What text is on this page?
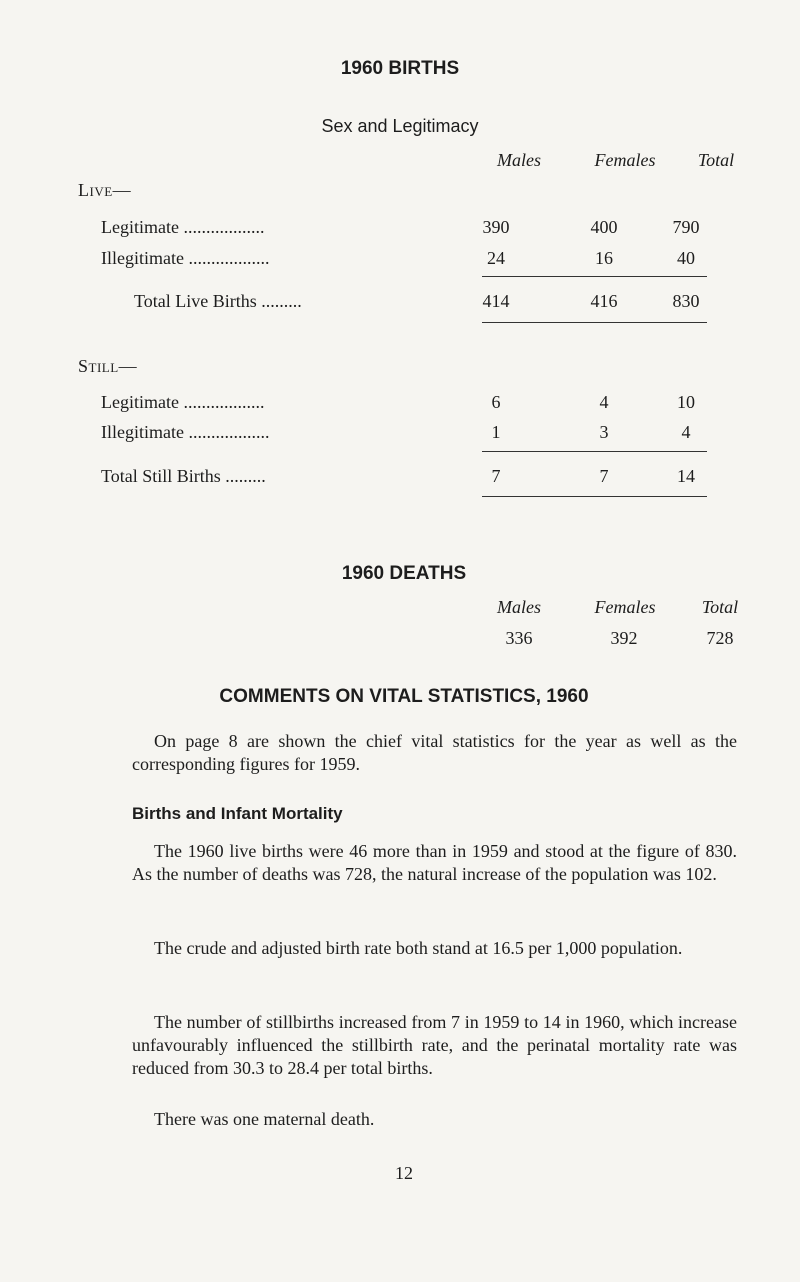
1960 BIRTHS
Sex and Legitimacy
Males	Females	Total
Live—
Legitimate ..................	390	400	790
Illegitimate ..................	24	16	40
Total Live Births .........	414	416	830
Still—
Legitimate ..................	6	4	10
Illegitimate ..................	1	3	4
Total Still Births .........	7	7	14
1960 DEATHS
Males	Females	Total
336	392	728
COMMENTS ON VITAL STATISTICS, 1960

On page 8 are shown the chief vital statistics for the year as well as the corresponding figures for 1959.

Births and Infant Mortality

The 1960 live births were 46 more than in 1959 and stood at the figure of 830. As the number of deaths was 728, the natural increase of the population was 102.

The crude and adjusted birth rate both stand at 16.5 per 1,000 population.

The number of stillbirths increased from 7 in 1959 to 14 in 1960, which increase unfavourably influenced the stillbirth rate, and the perinatal mortality rate was reduced from 30.3 to 28.4 per total births.

There was one maternal death.

12
